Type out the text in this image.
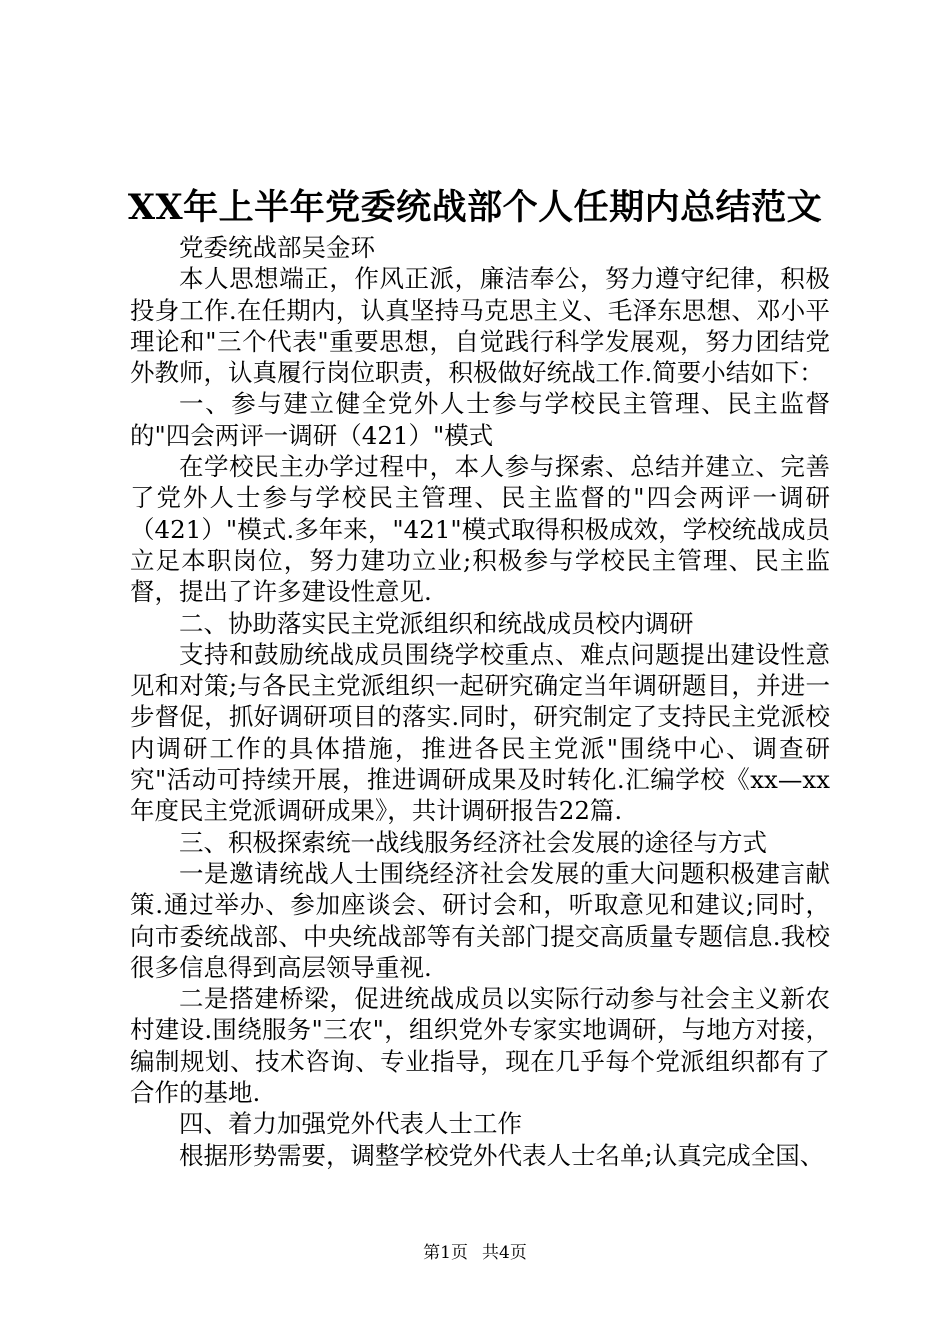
XX年上半年党委统战部个人任期内总结范文

党委统战部吴金环

本人思想端正，作风正派，廉洁奉公，努力遵守纪律，积极投身工作.在任期内，认真坚持马克思主义、毛泽东思想、邓小平理论和"三个代表"重要思想，自觉践行科学发展观，努力团结党外教师，认真履行岗位职责，积极做好统战工作.简要小结如下：

一、参与建立健全党外人士参与学校民主管理、民主监督的"四会两评一调研（421）"模式

在学校民主办学过程中，本人参与探索、总结并建立、完善了党外人士参与学校民主管理、民主监督的"四会两评一调研（421）"模式.多年来，"421"模式取得积极成效，学校统战成员立足本职岗位，努力建功立业;积极参与学校民主管理、民主监督，提出了许多建设性意见.

二、协助落实民主党派组织和统战成员校内调研

支持和鼓励统战成员围绕学校重点、难点问题提出建设性意见和对策;与各民主党派组织一起研究确定当年调研题目，并进一步督促，抓好调研项目的落实.同时，研究制定了支持民主党派校内调研工作的具体措施，推进各民主党派"围绕中心、调查研究"活动可持续开展，推进调研成果及时转化.汇编学校《xx—xx年度民主党派调研成果》，共计调研报告22篇.

三、积极探索统一战线服务经济社会发展的途径与方式

一是邀请统战人士围绕经济社会发展的重大问题积极建言献策.通过举办、参加座谈会、研讨会和，听取意见和建议;同时，向市委统战部、中央统战部等有关部门提交高质量专题信息.我校很多信息得到高层领导重视.

二是搭建桥梁，促进统战成员以实际行动参与社会主义新农村建设.围绕服务"三农"，组织党外专家实地调研，与地方对接，编制规划、技术咨询、专业指导，现在几乎每个党派组织都有了合作的基地.

四、着力加强党外代表人士工作

根据形势需要，调整学校党外代表人士名单;认真完成全国、

第1页 共4页
